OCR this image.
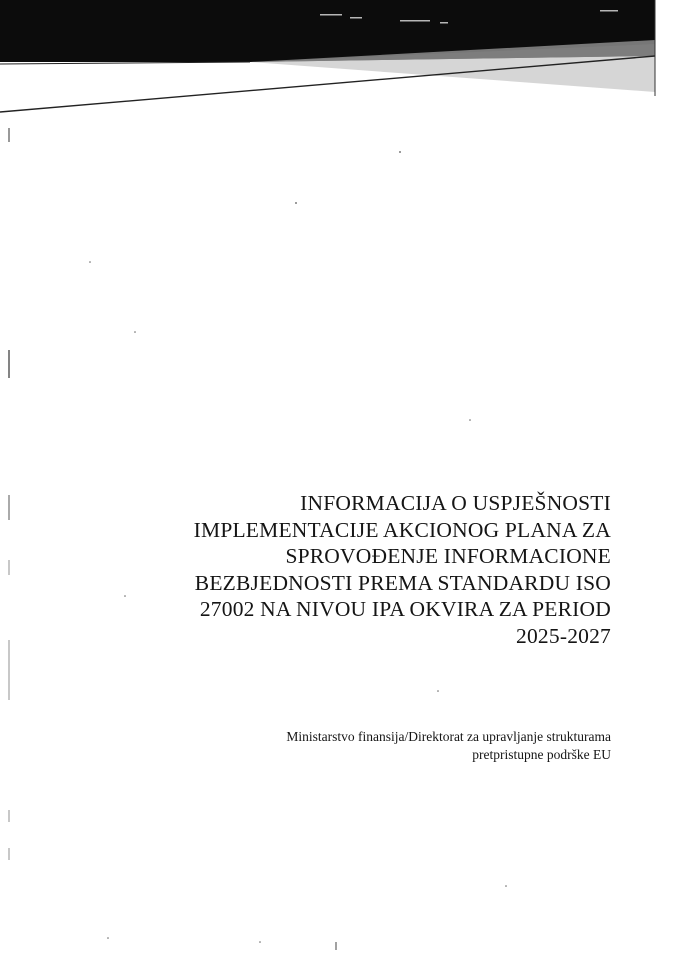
INFORMACIJA O USPJEŠNOSTI
IMPLEMENTACIJE AKCIONOG PLANA ZA
SPROVOĐENJE INFORMACIONE
BEZBJEDNOSTI PREMA STANDARDU ISO
27002 NA NIVOU IPA OKVIRA ZA PERIOD
2025-2027
Ministarstvo finansija/Direktorat za upravljanje strukturama
pretpristupne podrške EU
